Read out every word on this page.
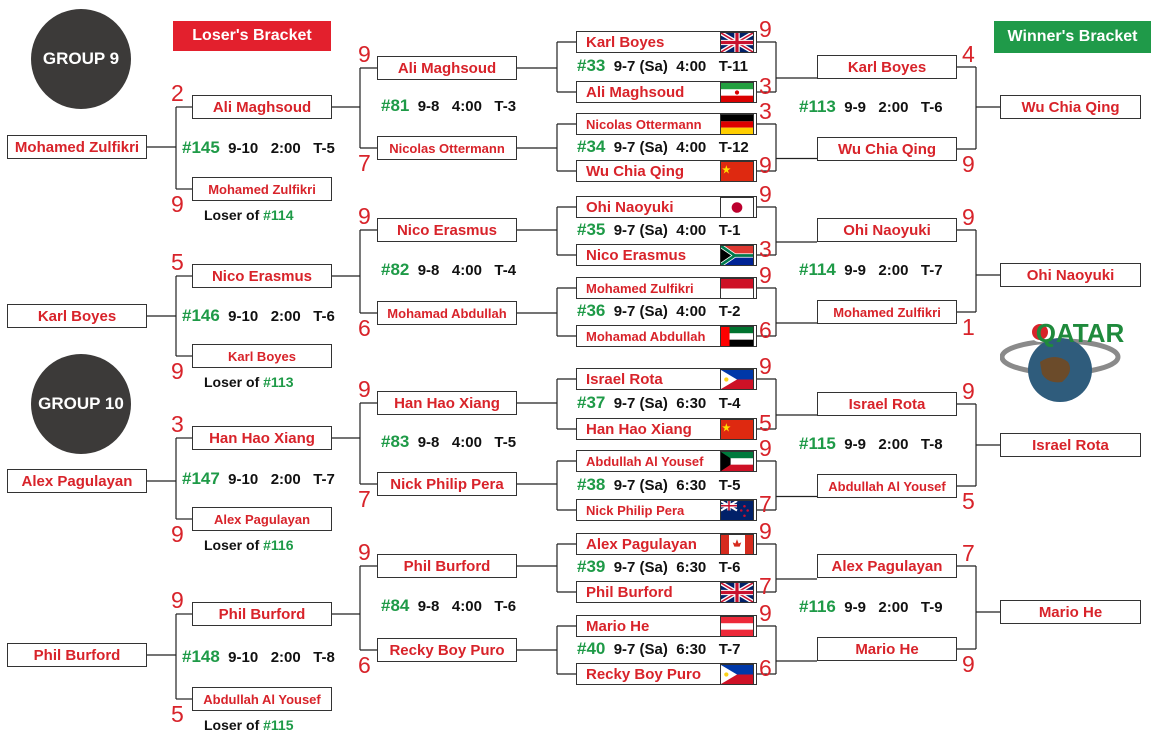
GROUP 9
GROUP 10
Loser's Bracket	Winner's Bracket
QATAR
Mohamed Zulfikri
Karl Boyes
Alex Pagulayan
Phil Burford
Ali Maghsoud
Mohamed Zulfikri
2
9
#145  9-10   2:00   T-5
Loser of #114
Nico Erasmus
Karl Boyes
5
9
#146  9-10   2:00   T-6
Loser of #113
Han Hao Xiang
Alex Pagulayan
3
9
#147  9-10   2:00   T-7
Loser of #116
Phil Burford
Abdullah Al Yousef
9
5
#148  9-10   2:00   T-8
Loser of #115
Ali Maghsoud
Nicolas Ottermann
9
7
#81  9-8   4:00   T-3
Nico Erasmus
Mohamad Abdullah
9
6
#82  9-8   4:00   T-4
Han Hao Xiang
Nick Philip Pera
9
7
#83  9-8   4:00   T-5
Phil Burford
Recky Boy Puro
9
6
#84  9-8   4:00   T-6
Karl Boyes
Ali Maghsoud
9
3
#33  9-7 (Sa)  4:00   T-11
Nicolas Ottermann
Wu Chia Qing
3
9
#34  9-7 (Sa)  4:00   T-12
Ohi Naoyuki
Nico Erasmus
9
3
#35  9-7 (Sa)  4:00   T-1
Mohamed Zulfikri
Mohamad Abdullah
9
6
#36  9-7 (Sa)  4:00   T-2
Israel Rota
Han Hao Xiang
9
5
#37  9-7 (Sa)  6:30   T-4
Abdullah Al Yousef
Nick Philip Pera
9
7
#38  9-7 (Sa)  6:30   T-5
Alex Pagulayan
Phil Burford
9
7
#39  9-7 (Sa)  6:30   T-6
Mario He
Recky Boy Puro
9
6
#40  9-7 (Sa)  6:30   T-7
Karl Boyes
Wu Chia Qing
4
9
#113  9-9   2:00   T-6
Ohi Naoyuki
Mohamed Zulfikri
9
1
#114  9-9   2:00   T-7
Israel Rota
Abdullah Al Yousef
9
5
#115  9-9   2:00   T-8
Alex Pagulayan
Mario He
7
9
#116  9-9   2:00   T-9
Wu Chia Qing
Ohi Naoyuki
Israel Rota
Mario He
